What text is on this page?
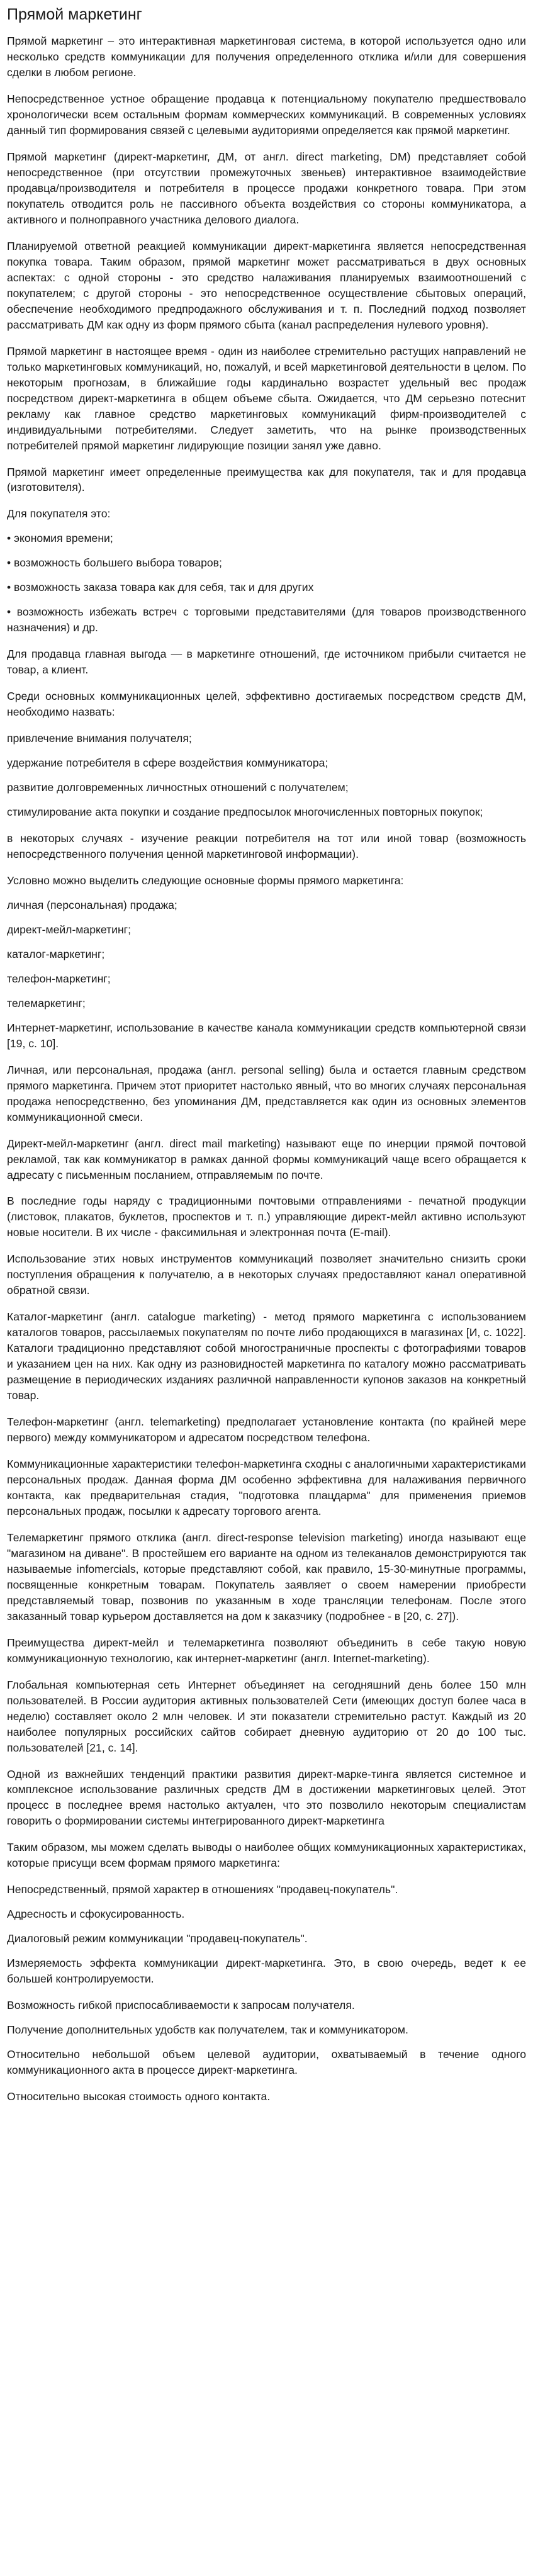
Прямой маркетинг

Прямой маркетинг – это интерактивная маркетинговая система, в которой используется одно или несколько средств коммуникации для получения определенного отклика и/или для совершения сделки в любом регионе.

Непосредственное устное обращение продавца к потенциальному покупателю предшествовало хронологически всем остальным формам коммерческих коммуникаций. В современных условиях данный тип формирования связей с целевыми аудиториями определяется как прямой маркетинг.

Прямой маркетинг (директ-маркетинг, ДМ, от англ. direct marketing, DM) представляет собой непосредственное (при отсутствии промежуточных звеньев) интерактивное взаимодействие продавца/производителя и потребителя в процессе продажи конкретного товара. При этом покупатель отводится роль не пассивного объекта воздействия со стороны коммуникатора, а активного и полноправного участника делового диалога.

Планируемой ответной реакцией коммуникации директ-маркетинга является непосредственная покупка товара. Таким образом, прямой маркетинг может рассматриваться в двух основных аспектах: с одной стороны - это средство налаживания планируемых взаимоотношений с покупателем; с другой стороны - это непосредственное осуществление сбытовых операций, обеспечение необходимого предпродажного обслуживания и т. п. Последний подход позволяет рассматривать ДМ как одну из форм прямого сбыта (канал распределения нулевого уровня).

Прямой маркетинг в настоящее время - один из наиболее стремительно растущих направлений не только маркетинговых коммуникаций, но, пожалуй, и всей маркетинговой деятельности в целом. По некоторым прогнозам, в ближайшие годы кардинально возрастет удельный вес продаж посредством директ-маркетинга в общем объеме сбыта. Ожидается, что ДМ серьезно потеснит рекламу как главное средство маркетинговых коммуникаций фирм-производителей с индивидуальными потребителями. Следует заметить, что на рынке производственных потребителей прямой маркетинг лидирующие позиции занял уже давно.

Прямой маркетинг имеет определенные преимущества как для покупателя, так и для продавца (изготовителя).

Для покупателя это:

• экономия времени;

• возможность большего выбора товаров;

• возможность заказа товара как для себя, так и для других

• возможность избежать встреч с торговыми представителями (для товаров производственного назначения) и др.

Для продавца главная выгода — в маркетинге отношений, где источником прибыли считается не товар, а клиент.

Среди основных коммуникационных целей, эффективно достигаемых посредством средств ДМ, необходимо назвать:

привлечение внимания получателя;

удержание потребителя в сфере воздействия коммуникатора;

развитие долговременных личностных отношений с получателем;

стимулирование акта покупки и создание предпосылок многочисленных повторных покупок;

в некоторых случаях - изучение реакции потребителя на тот или иной товар (возможность непосредственного получения ценной маркетинговой информации).

Условно можно выделить следующие основные формы прямого маркетинга:

личная (персональная) продажа;

директ-мейл-маркетинг;

каталог-маркетинг;

телефон-маркетинг;

телемаркетинг;

Интернет-маркетинг, использование в качестве канала коммуникации средств компьютерной связи [19, с. 10].

Личная, или персональная, продажа (англ. personal selling) была и остается главным средством прямого маркетинга. Причем этот приоритет настолько явный, что во многих случаях персональная продажа непосредственно, без упоминания ДМ, представляется как один из основных элементов коммуникационной смеси.

Директ-мейл-маркетинг (англ. direct mail marketing) называют еще по инерции прямой почтовой рекламой, так как коммуникатор в рамках данной формы коммуникаций чаще всего обращается к адресату с письменным посланием, отправляемым по почте.

В последние годы наряду с традиционными почтовыми отправлениями - печатной продукции (листовок, плакатов, буклетов, проспектов и т. п.) управляющие директ-мейл активно используют новые носители. В их числе - факсимильная и электронная почта (E-mail).

Использование этих новых инструментов коммуникаций позволяет значительно снизить сроки поступления обращения к получателю, а в некоторых случаях предоставляют канал оперативной обратной связи.

Каталог-маркетинг (англ. catalogue marketing) - метод прямого маркетинга с использованием каталогов товаров, рассылаемых покупателям по почте либо продающихся в магазинах [И, с. 1022]. Каталоги традиционно представляют собой многостраничные проспекты с фотографиями товаров и указанием цен на них. Как одну из разновидностей маркетинга по каталогу можно рассматривать размещение в периодических изданиях различной направленности купонов заказов на конкретный товар.

Телефон-маркетинг (англ. telemarketing) предполагает установление контакта (по крайней мере первого) между коммуникатором и адресатом посредством телефона.

Коммуникационные характеристики телефон-маркетинга сходны с аналогичными характеристиками персональных продаж. Данная форма ДМ особенно эффективна для налаживания первичного контакта, как предварительная стадия, "подготовка плацдарма" для применения приемов персональных продаж, посылки к адресату торгового агента.

Телемаркетинг прямого отклика (англ. direct-response television marketing) иногда называют еще "магазином на диване". В простейшем его варианте на одном из телеканалов демонстрируются так называемые infomercials, которые представляют собой, как правило, 15-30-минутные программы, посвященные конкретным товарам. Покупатель заявляет о своем намерении приобрести представляемый товар, позвонив по указанным в ходе трансляции телефонам. После этого заказанный товар курьером доставляется на дом к заказчику (подробнее - в [20, с. 27]).

Преимущества директ-мейл и телемаркетинга позволяют объединить в себе такую новую коммуникационную технологию, как интернет-маркетинг (англ. Internet-marketing).

Глобальная компьютерная сеть Интернет объединяет на сегодняшний день более 150 млн пользователей. В России аудитория активных пользователей Сети (имеющих доступ более часа в неделю) составляет около 2 млн человек. И эти показатели стремительно растут. Каждый из 20 наиболее популярных российских сайтов собирает дневную аудиторию от 20 до 100 тыс. пользователей [21, с. 14].

Одной из важнейших тенденций практики развития директ-марке-тинга является системное и комплексное использование различных средств ДМ в достижении маркетинговых целей. Этот процесс в последнее время настолько актуален, что это позволило некоторым специалистам говорить о формировании системы интегрированного директ-маркетинга

Таким образом, мы можем сделать выводы о наиболее общих коммуникационных характеристиках, которые присущи всем формам прямого маркетинга:

Непосредственный, прямой характер в отношениях "продавец-покупатель".

Адресность и сфокусированность.

Диалоговый режим коммуникации "продавец-покупатель".

Измеряемость эффекта коммуникации директ-маркетинга. Это, в свою очередь, ведет к ее большей контролируемости.

Возможность гибкой приспосабливаемости к запросам получателя.

Получение дополнительных удобств как получателем, так и коммуникатором.

Относительно небольшой объем целевой аудитории, охватываемый в течение одного коммуникационного акта в процессе директ-маркетинга.

Относительно высокая стоимость одного контакта.
